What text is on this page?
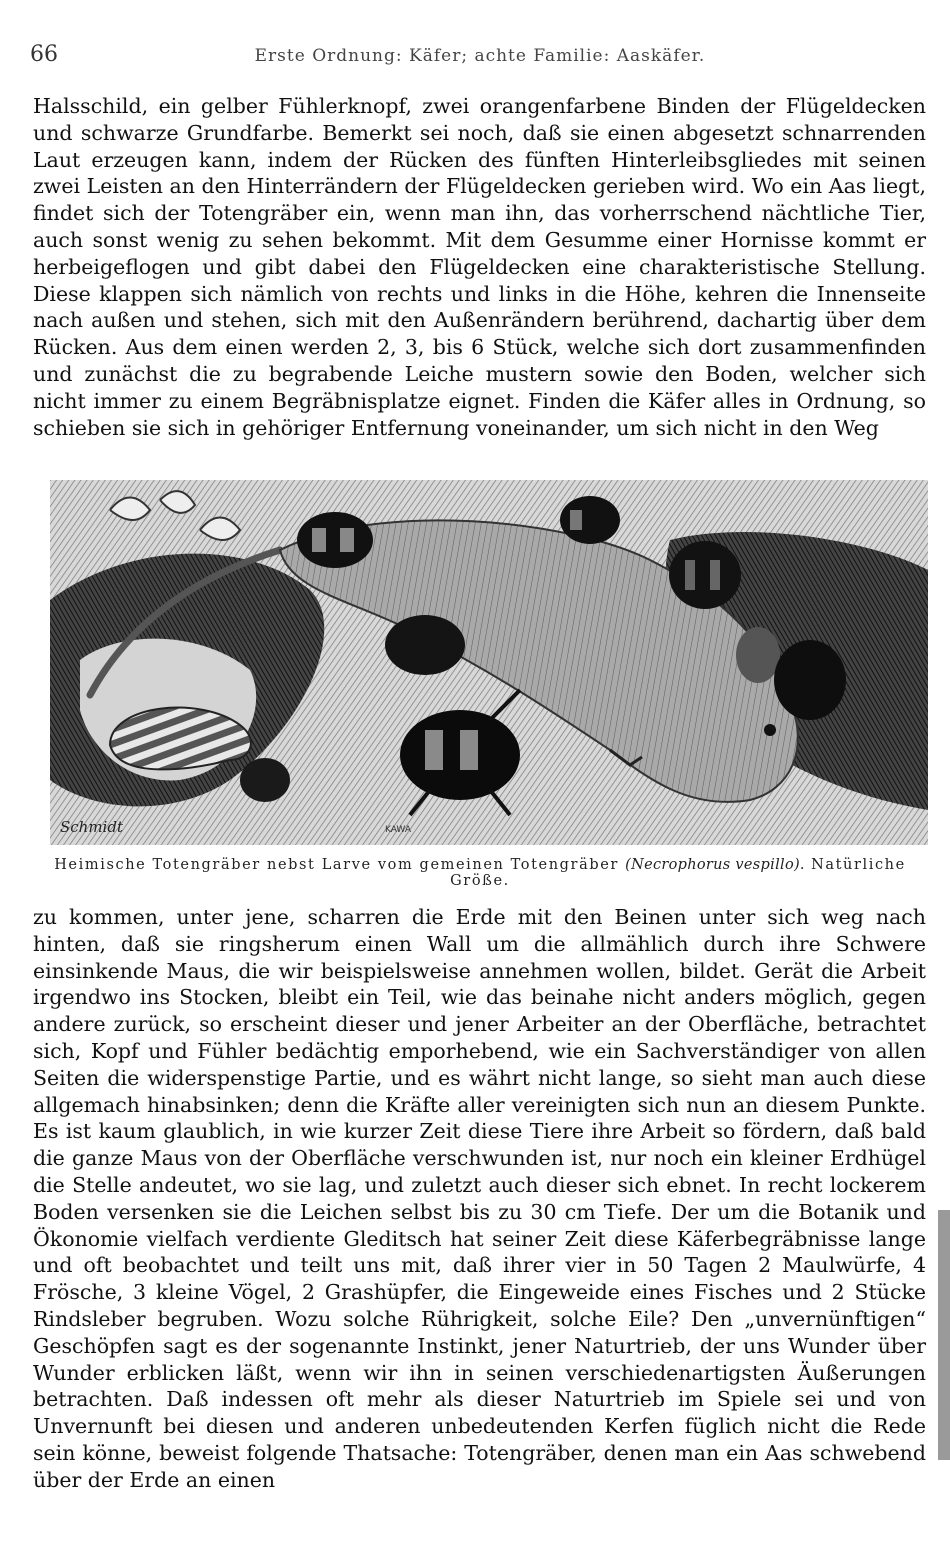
66	Erste Ordnung: Käfer; achte Familie: Aaskäfer.

Halsschild, ein gelber Fühlerknopf, zwei orangenfarbene Binden der Flügeldecken und schwarze Grundfarbe. Bemerkt sei noch, daß sie einen abgesetzt schnarrenden Laut erzeugen kann, indem der Rücken des fünften Hinterleibsgliedes mit seinen zwei Leisten an den Hinterrändern der Flügeldecken gerieben wird. Wo ein Aas liegt, findet sich der Totengräber ein, wenn man ihn, das vorherrschend nächtliche Tier, auch sonst wenig zu sehen bekommt. Mit dem Gesumme einer Hornisse kommt er herbeigeflogen und gibt dabei den Flügeldecken eine charakteristische Stellung. Diese klappen sich nämlich von rechts und links in die Höhe, kehren die Innenseite nach außen und stehen, sich mit den Außenrändern berührend, dachartig über dem Rücken. Aus dem einen werden 2, 3, bis 6 Stück, welche sich dort zusammenfinden und zunächst die zu begrabende Leiche mustern sowie den Boden, welcher sich nicht immer zu einem Begräbnisplatze eignet. Finden die Käfer alles in Ordnung, so schieben sie sich in gehöriger Entfernung voneinander, um sich nicht in den Weg

Schmidt	KAWA
Heimische Totengräber nebst Larve vom gemeinen Totengräber (Necrophorus vespillo). Natürliche Größe.

zu kommen, unter jene, scharren die Erde mit den Beinen unter sich weg nach hinten, daß sie ringsherum einen Wall um die allmählich durch ihre Schwere einsinkende Maus, die wir beispielsweise annehmen wollen, bildet. Gerät die Arbeit irgendwo ins Stocken, bleibt ein Teil, wie das beinahe nicht anders möglich, gegen andere zurück, so erscheint dieser und jener Arbeiter an der Oberfläche, betrachtet sich, Kopf und Fühler bedächtig emporhebend, wie ein Sachverständiger von allen Seiten die widerspenstige Partie, und es währt nicht lange, so sieht man auch diese allgemach hinabsinken; denn die Kräfte aller vereinigten sich nun an diesem Punkte. Es ist kaum glaublich, in wie kurzer Zeit diese Tiere ihre Arbeit so fördern, daß bald die ganze Maus von der Oberfläche verschwunden ist, nur noch ein kleiner Erdhügel die Stelle andeutet, wo sie lag, und zuletzt auch dieser sich ebnet. In recht lockerem Boden versenken sie die Leichen selbst bis zu 30 cm Tiefe. Der um die Botanik und Ökonomie vielfach verdiente Gleditsch hat seiner Zeit diese Käferbegräbnisse lange und oft beobachtet und teilt uns mit, daß ihrer vier in 50 Tagen 2 Maulwürfe, 4 Frösche, 3 kleine Vögel, 2 Grashüpfer, die Eingeweide eines Fisches und 2 Stücke Rindsleber begruben. Wozu solche Rührigkeit, solche Eile? Den „unvernünftigen“ Geschöpfen sagt es der sogenannte Instinkt, jener Naturtrieb, der uns Wunder über Wunder erblicken läßt, wenn wir ihn in seinen verschiedenartigsten Äußerungen betrachten. Daß indessen oft mehr als dieser Naturtrieb im Spiele sei und von Unvernunft bei diesen und anderen unbedeutenden Kerfen füglich nicht die Rede sein könne, beweist folgende Thatsache: Totengräber, denen man ein Aas schwebend über der Erde an einen
